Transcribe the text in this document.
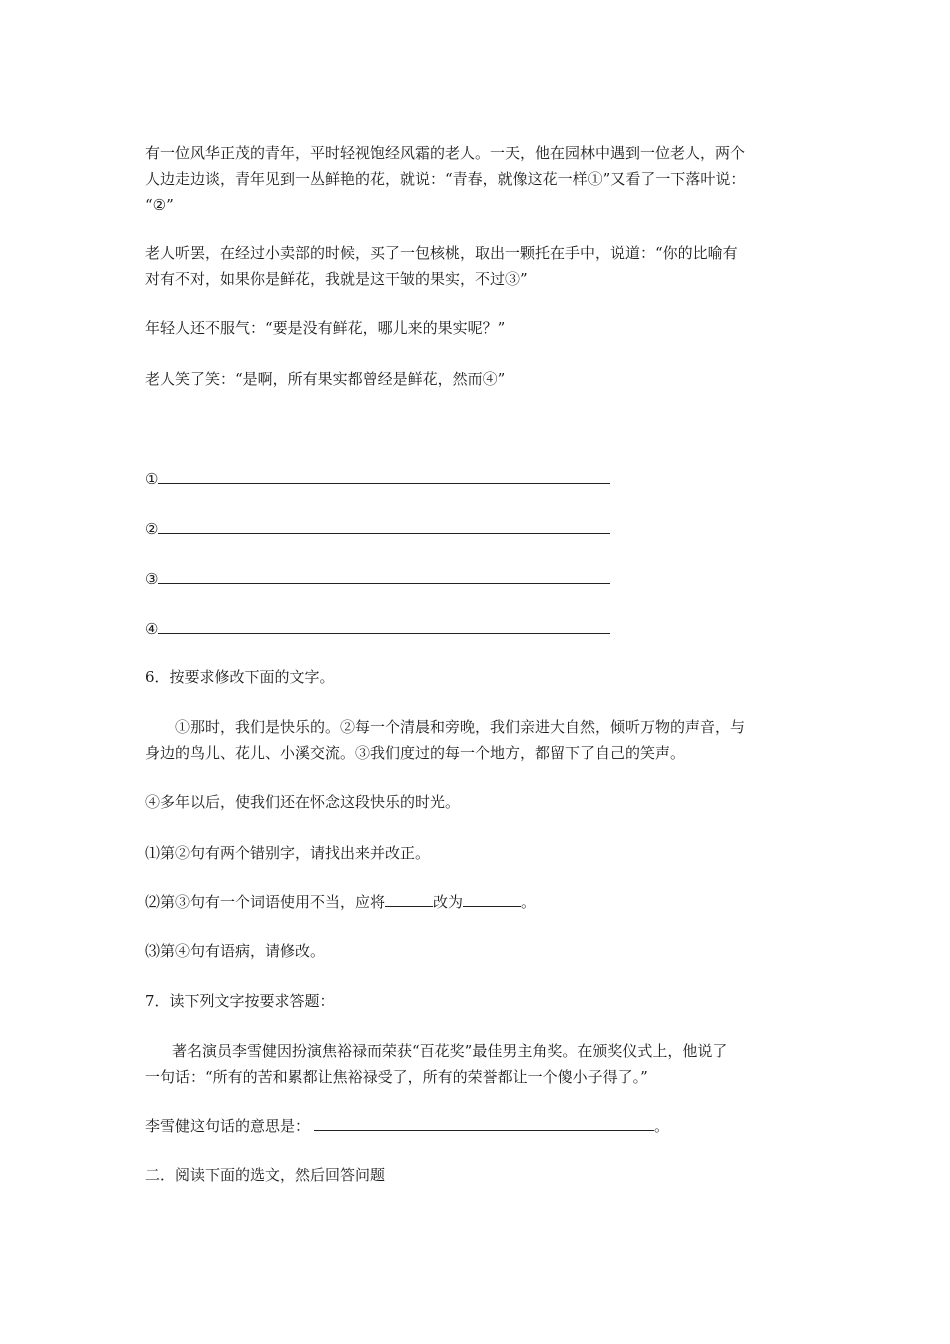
有一位风华正茂的青年，平时轻视饱经风霜的老人。一天，他在园林中遇到一位老人，两个

人边走边谈，青年见到一丛鲜艳的花，就说：“青春，就像这花一样①”又看了一下落叶说：

“②”

老人听罢，在经过小卖部的时候，买了一包核桃，取出一颗托在手中，说道：“你的比喻有

对有不对，如果你是鲜花，我就是这干皱的果实，不过③”

年轻人还不服气：“要是没有鲜花，哪儿来的果实呢？”

老人笑了笑：“是啊，所有果实都曾经是鲜花，然而④”

①
②
③
④

6．按要求修改下面的文字。

①那时，我们是快乐的。②每一个清晨和旁晚，我们亲进大自然，倾听万物的声音，与

身边的鸟儿、花儿、小溪交流。③我们度过的每一个地方，都留下了自己的笑声。

④多年以后，使我们还在怀念这段快乐的时光。

⑴第②句有两个错别字，请找出来并改正。

⑵第③句有一个词语使用不当，应将	改为	。

⑶第④句有语病，请修改。

7．读下列文字按要求答题：

著名演员李雪健因扮演焦裕禄而荣获“百花奖”最佳男主角奖。在颁奖仪式上，他说了

一句话：“所有的苦和累都让焦裕禄受了，所有的荣誉都让一个傻小子得了。”

李雪健这句话的意思是：	。

二．阅读下面的选文，然后回答问题
